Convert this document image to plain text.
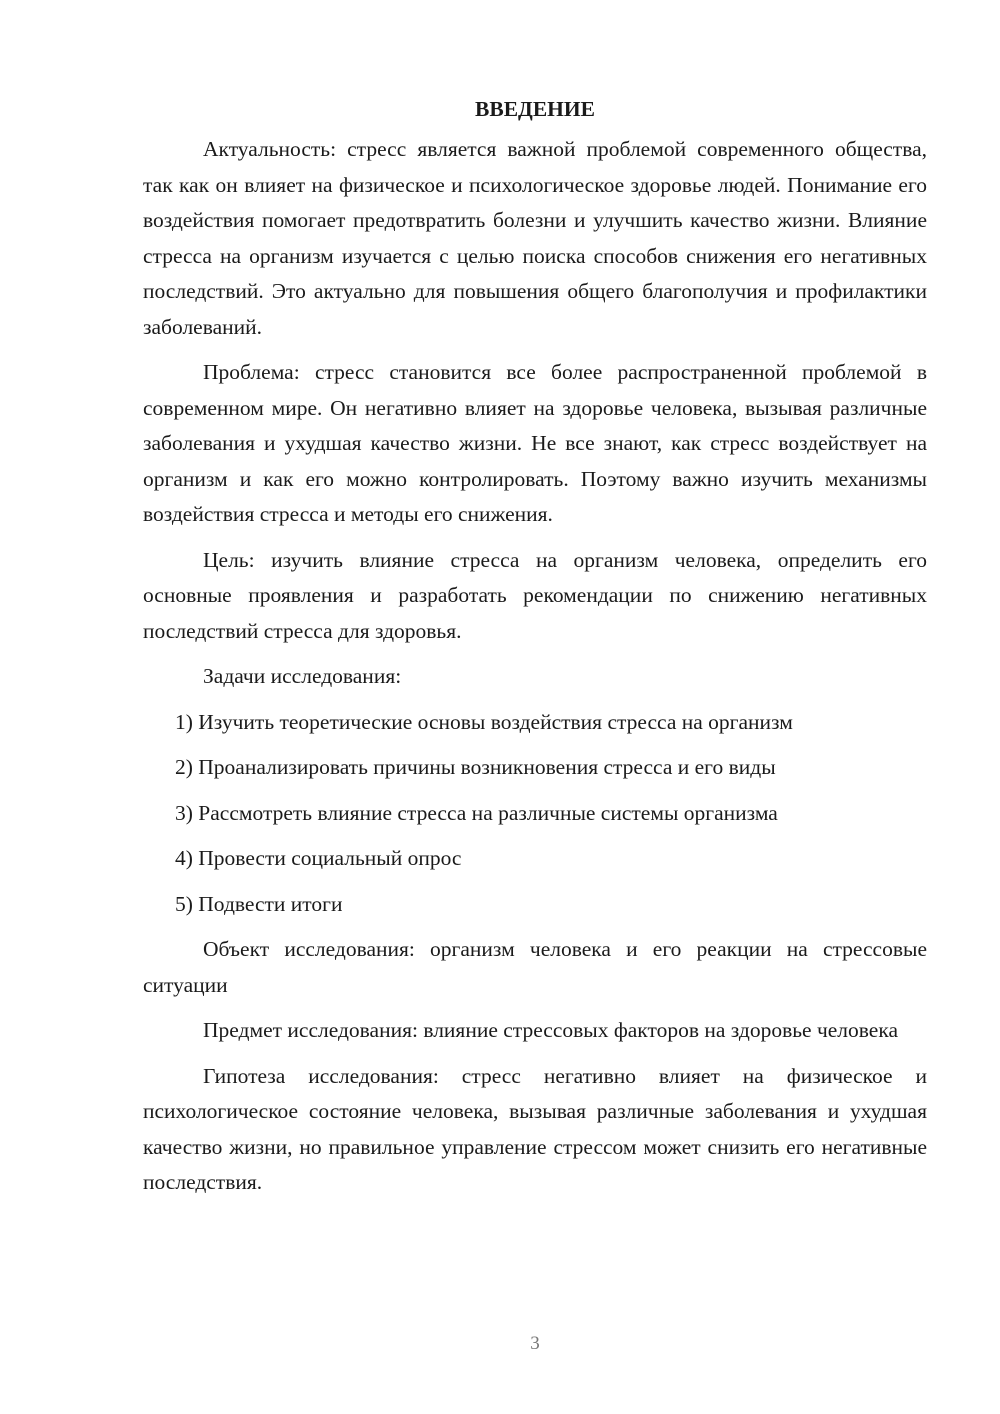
ВВЕДЕНИЕ

Актуальность: стресс является важной проблемой современного общества, так как он влияет на физическое и психологическое здоровье людей. Понимание его воздействия помогает предотвратить болезни и улучшить качество жизни. Влияние стресса на организм изучается с целью поиска способов снижения его негативных последствий. Это актуально для повышения общего благополучия и профилактики заболеваний.

Проблема: стресс становится все более распространенной проблемой в современном мире. Он негативно влияет на здоровье человека, вызывая различные заболевания и ухудшая качество жизни. Не все знают, как стресс воздействует на организм и как его можно контролировать. Поэтому важно изучить механизмы воздействия стресса и методы его снижения.

Цель: изучить влияние стресса на организм человека, определить его основные проявления и разработать рекомендации по снижению негативных последствий стресса для здоровья.

Задачи исследования:
1) Изучить теоретические основы воздействия стресса на организм
2) Проанализировать причины возникновения стресса и его виды
3) Рассмотреть влияние стресса на различные системы организма
4) Провести социальный опрос
5) Подвести итоги

Объект исследования: организм человека и его реакции на стрессовые ситуации

Предмет исследования: влияние стрессовых факторов на здоровье человека

Гипотеза исследования: стресс негативно влияет на физическое и психологическое состояние человека, вызывая различные заболевания и ухудшая качество жизни, но правильное управление стрессом может снизить его негативные последствия.

3
